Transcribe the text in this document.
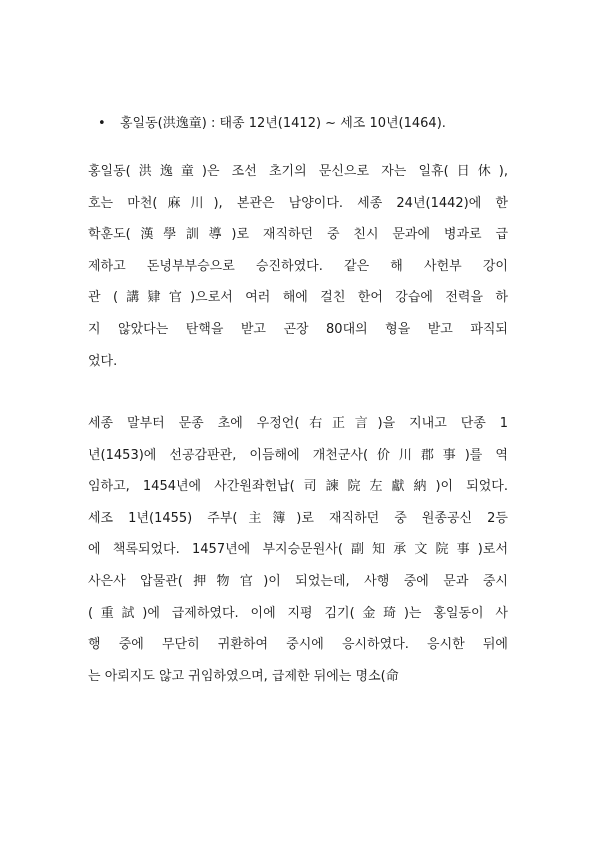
• 홍일동(洪逸童) : 태종 12년(1412) ~ 세조 10년(1464).
홍일동(洪逸童)은 조선 초기의 문신으로 자는 일휴(日休),
호는 마천(麻川), 본관은 남양이다. 세종 24년(1442)에 한
학훈도(漢學訓導)로 재직하던 중 친시 문과에 병과로 급
제하고 돈녕부부승으로 승진하였다. 같은 해 사헌부 강이
관 (講肄官)으로서 여러 해에 걸친 한어 강습에 전력을 하
지 않았다는 탄핵을 받고 곤장 80대의 형을 받고 파직되
었다.
세종 말부터 문종 초에 우정언(右正言)을 지내고 단종 1
년(1453)에 선공감판관, 이듬해에 개천군사(价川郡事)를 역
임하고, 1454년에 사간원좌헌납(司諫院左獻納)이 되었다.
세조 1년(1455) 주부(主簿)로 재직하던 중 원종공신 2등
에 책록되었다. 1457년에 부지승문원사(副知承文院事)로서
사은사 압물관(押物官)이 되었는데, 사행 중에 문과 중시
(重試)에 급제하였다. 이에 지평 김기(金琦)는 홍일동이 사
행 중에 무단히 귀환하여 중시에 응시하였다. 응시한 뒤에
는 아뢰지도 않고 귀임하였으며, 급제한 뒤에는 명소(命
